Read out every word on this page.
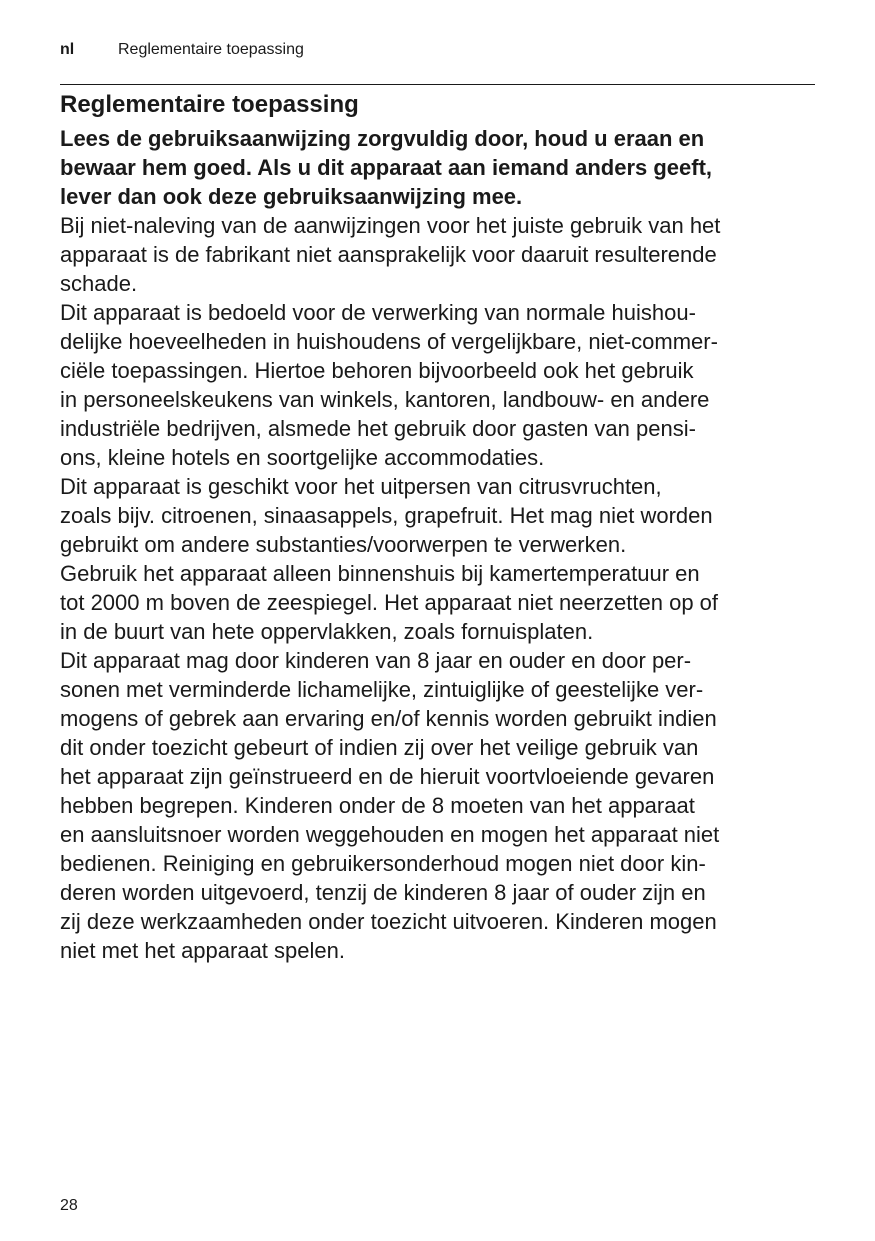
nl	Reglementaire toepassing
Reglementaire toepassing

Lees de gebruiksaanwijzing zorgvuldig door, houd u eraan en
bewaar hem goed. Als u dit apparaat aan iemand anders geeft,
lever dan ook deze gebruiksaanwijzing mee.

Bij niet-naleving van de aanwijzingen voor het juiste gebruik van het
apparaat is de fabrikant niet aansprakelijk voor daaruit resulterende
schade.

Dit apparaat is bedoeld voor de verwerking van normale huishou-
delijke hoeveelheden in huishoudens of vergelijkbare, niet-commer-
ciële toepassingen. Hiertoe behoren bijvoorbeeld ook het gebruik
in personeelskeukens van winkels, kantoren, landbouw- en andere
industriële bedrijven, alsmede het gebruik door gasten van pensi-
ons, kleine hotels en soortgelijke accommodaties.

Dit apparaat is geschikt voor het uitpersen van citrusvruchten,
zoals bijv. citroenen, sinaasappels, grapefruit. Het mag niet worden
gebruikt om andere substanties/voorwerpen te verwerken.

Gebruik het apparaat alleen binnenshuis bij kamertemperatuur en
tot 2000 m boven de zeespiegel. Het apparaat niet neerzetten op of
in de buurt van hete oppervlakken, zoals fornuisplaten.

Dit apparaat mag door kinderen van 8 jaar en ouder en door per-
sonen met verminderde lichamelijke, zintuiglijke of geestelijke ver-
mogens of gebrek aan ervaring en/of kennis worden gebruikt indien
dit onder toezicht gebeurt of indien zij over het veilige gebruik van
het apparaat zijn geïnstrueerd en de hieruit voortvloeiende gevaren
hebben begrepen. Kinderen onder de 8 moeten van het apparaat
en aansluitsnoer worden weggehouden en mogen het apparaat niet
bedienen. Reiniging en gebruikersonderhoud mogen niet door kin-
deren worden uitgevoerd, tenzij de kinderen 8 jaar of ouder zijn en
zij deze werkzaamheden onder toezicht uitvoeren. Kinderen mogen
niet met het apparaat spelen.

28
